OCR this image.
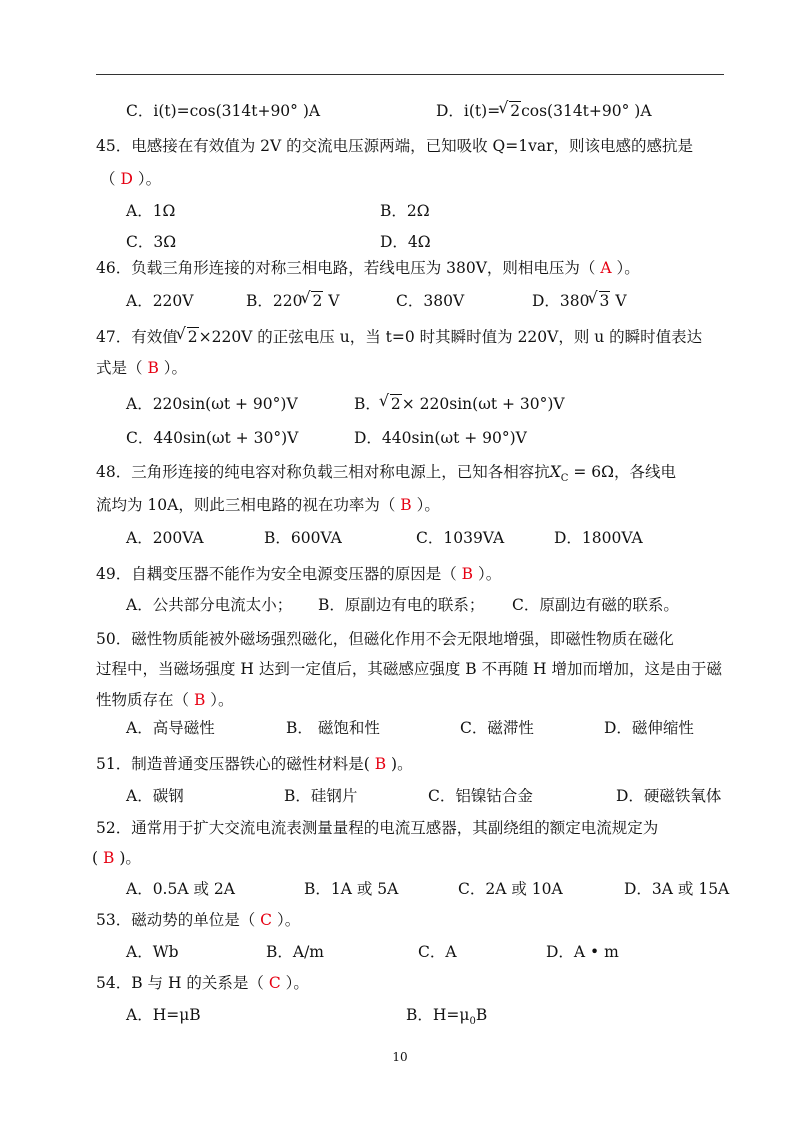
C．i(t)=cos(314t+90° )A	D．i(t)= √ 2cos(314t+90° )A
45．电感接在有效值为 2V 的交流电压源两端，已知吸收 Q=1var，则该电感的感抗是
（ D ）。
A．1Ω	B．2Ω
C．3Ω	D．4Ω
46．负载三角形连接的对称三相电路，若线电压为 380V，则相电压为（ A ）。
A．220V	B．220 √ 2 V	C．380V	D．380 √ 3 V
47．有效值 √ 2×220V 的正弦电压 u，当 t=0 时其瞬时值为 220V，则 u 的瞬时值表达
式是（ B ）。
A．220sin(ωt + 90°)V	B． √ 2× 220sin(ωt + 30°)V
C．440sin(ωt + 30°)V	D．440sin(ωt + 90°)V
48．三角形连接的纯电容对称负载三相对称电源上，已知各相容抗$X_C = 6\Omega$，各线电
流均为 10A，则此三相电路的视在功率为（ B ）。
A．200VA	B．600VA	C．1039VA	D．1800VA
49．自耦变压器不能作为安全电源变压器的原因是（ B ）。
A．公共部分电流太小； B．原副边有电的联系； C．原副边有磁的联系。
50．磁性物质能被外磁场强烈磁化，但磁化作用不会无限地增强，即磁性物质在磁化
过程中，当磁场强度 H 达到一定值后，其磁感应强度 B 不再随 H 增加而增加，这是由于磁
性物质存在（ B ）。
A．高导磁性	B． 磁饱和性	C．磁滞性	D．磁伸缩性
51．制造普通变压器铁心的磁性材料是( B )。
A．碳钢	B．硅钢片	C．铝镍钴合金	D．硬磁铁氧体
52．通常用于扩大交流电流表测量量程的电流互感器，其副绕组的额定电流规定为
( B )。
A．0.5A 或 2A	B．1A 或 5A	C．2A 或 10A	D．3A 或 15A
53．磁动势的单位是（ C ）。
A．Wb	B．A/m	C．A	D．A • m
54．B 与 H 的关系是（ C ）。
A．H=μB	B．$H=\mu_0B$
10
